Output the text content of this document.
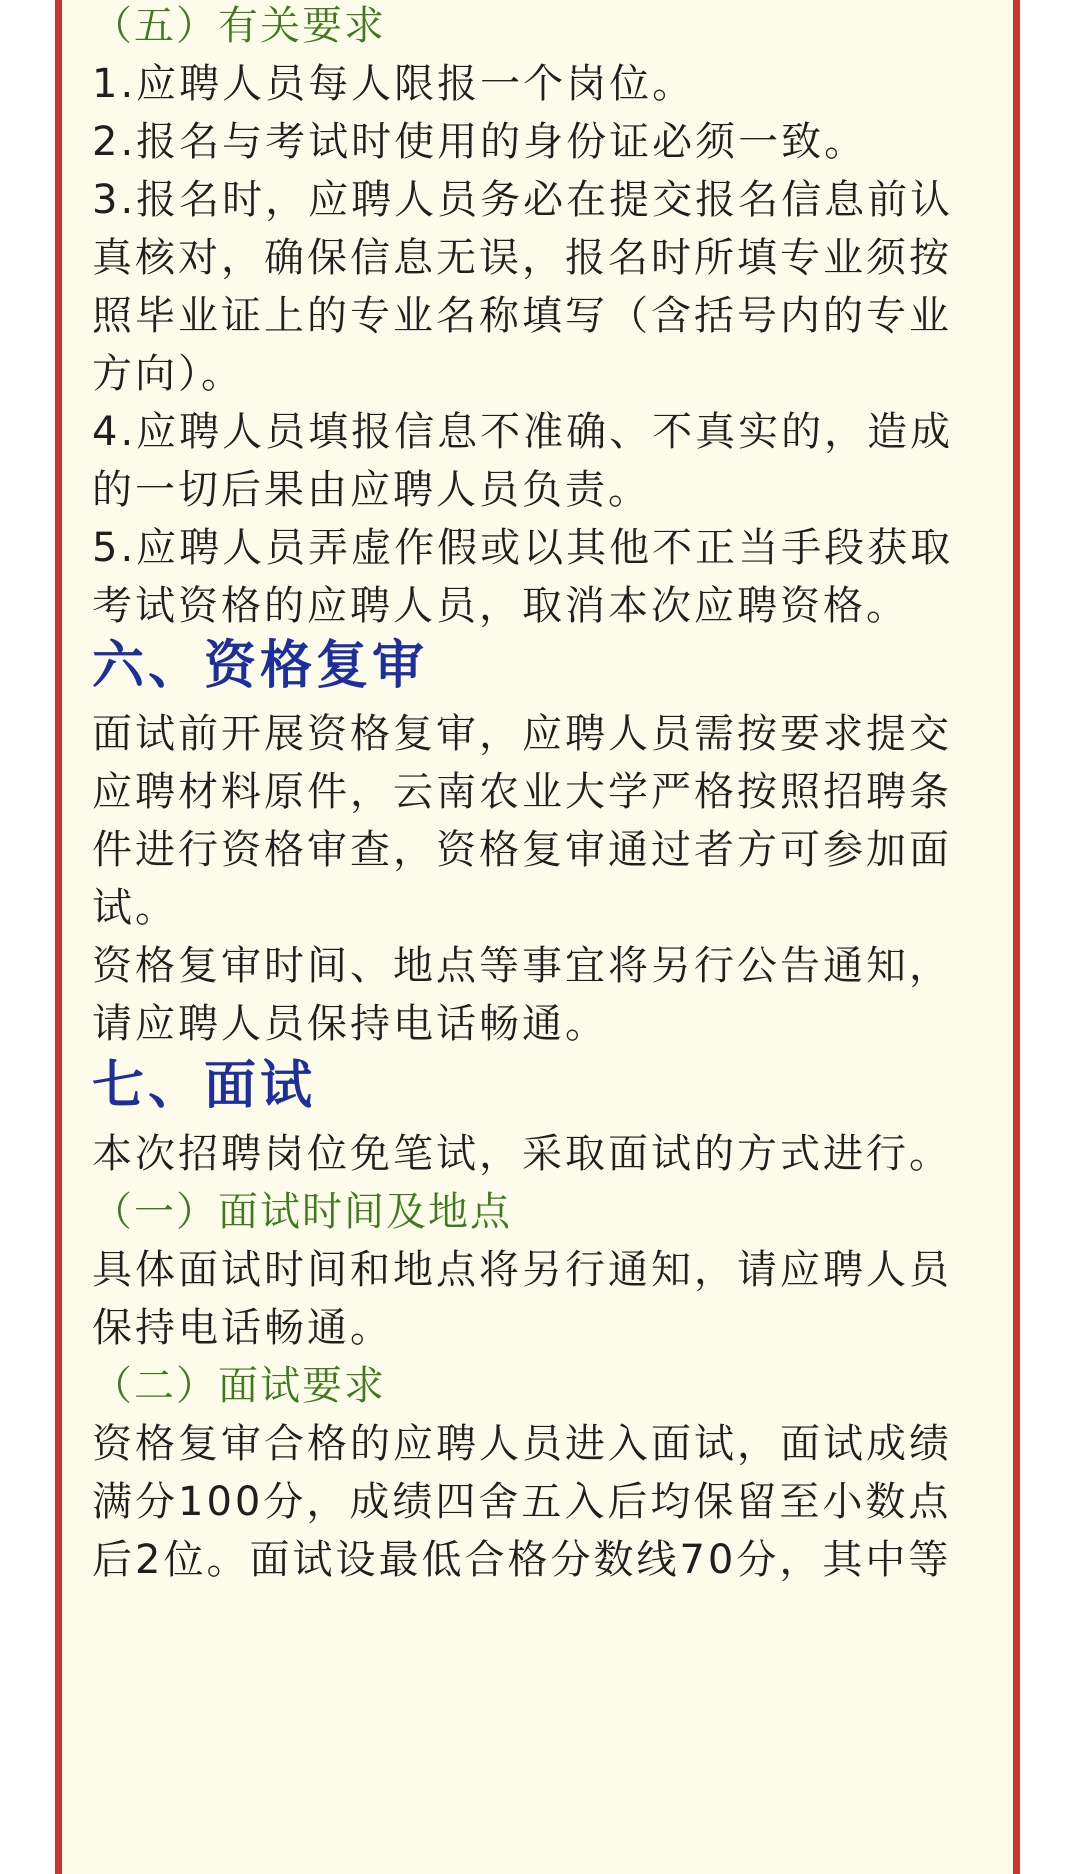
（五）有关要求
1.应聘人员每人限报一个岗位。
2.报名与考试时使用的身份证必须一致。
3.报名时，应聘人员务必在提交报名信息前认
真核对，确保信息无误，报名时所填专业须按
照毕业证上的专业名称填写（含括号内的专业
方向）。
4.应聘人员填报信息不准确、不真实的，造成
的一切后果由应聘人员负责。
5.应聘人员弄虚作假或以其他不正当手段获取
考试资格的应聘人员，取消本次应聘资格。
六、资格复审
面试前开展资格复审，应聘人员需按要求提交
应聘材料原件，云南农业大学严格按照招聘条
件进行资格审查，资格复审通过者方可参加面
试。
资格复审时间、地点等事宜将另行公告通知，
请应聘人员保持电话畅通。
七、面试
本次招聘岗位免笔试，采取面试的方式进行。
（一）面试时间及地点
具体面试时间和地点将另行通知，请应聘人员
保持电话畅通。
（二）面试要求
资格复审合格的应聘人员进入面试，面试成绩
满分100分，成绩四舍五入后均保留至小数点
后2位。面试设最低合格分数线70分，其中等
